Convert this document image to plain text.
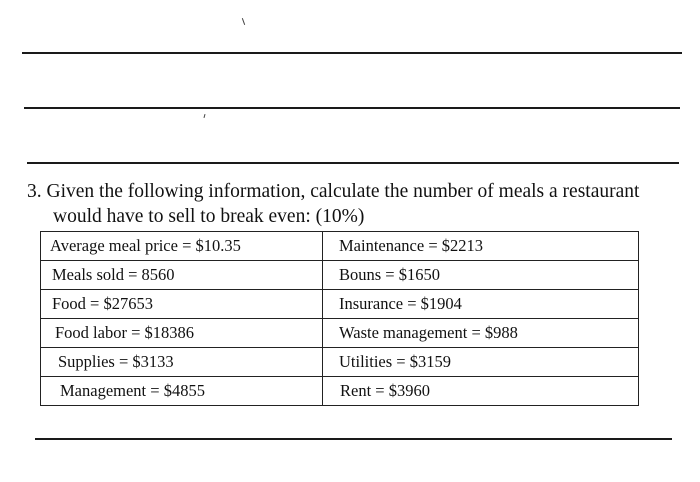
3. Given the following information, calculate the number of meals a restaurant
would have to sell to break even: (10%)
Average meal price = $10.35	Maintenance = $2213
Meals sold = 8560	Bouns = $1650
Food = $27653	Insurance = $1904
Food labor = $18386	Waste management = $988
Supplies = $3133	Utilities = $3159
Management = $4855	Rent = $3960
